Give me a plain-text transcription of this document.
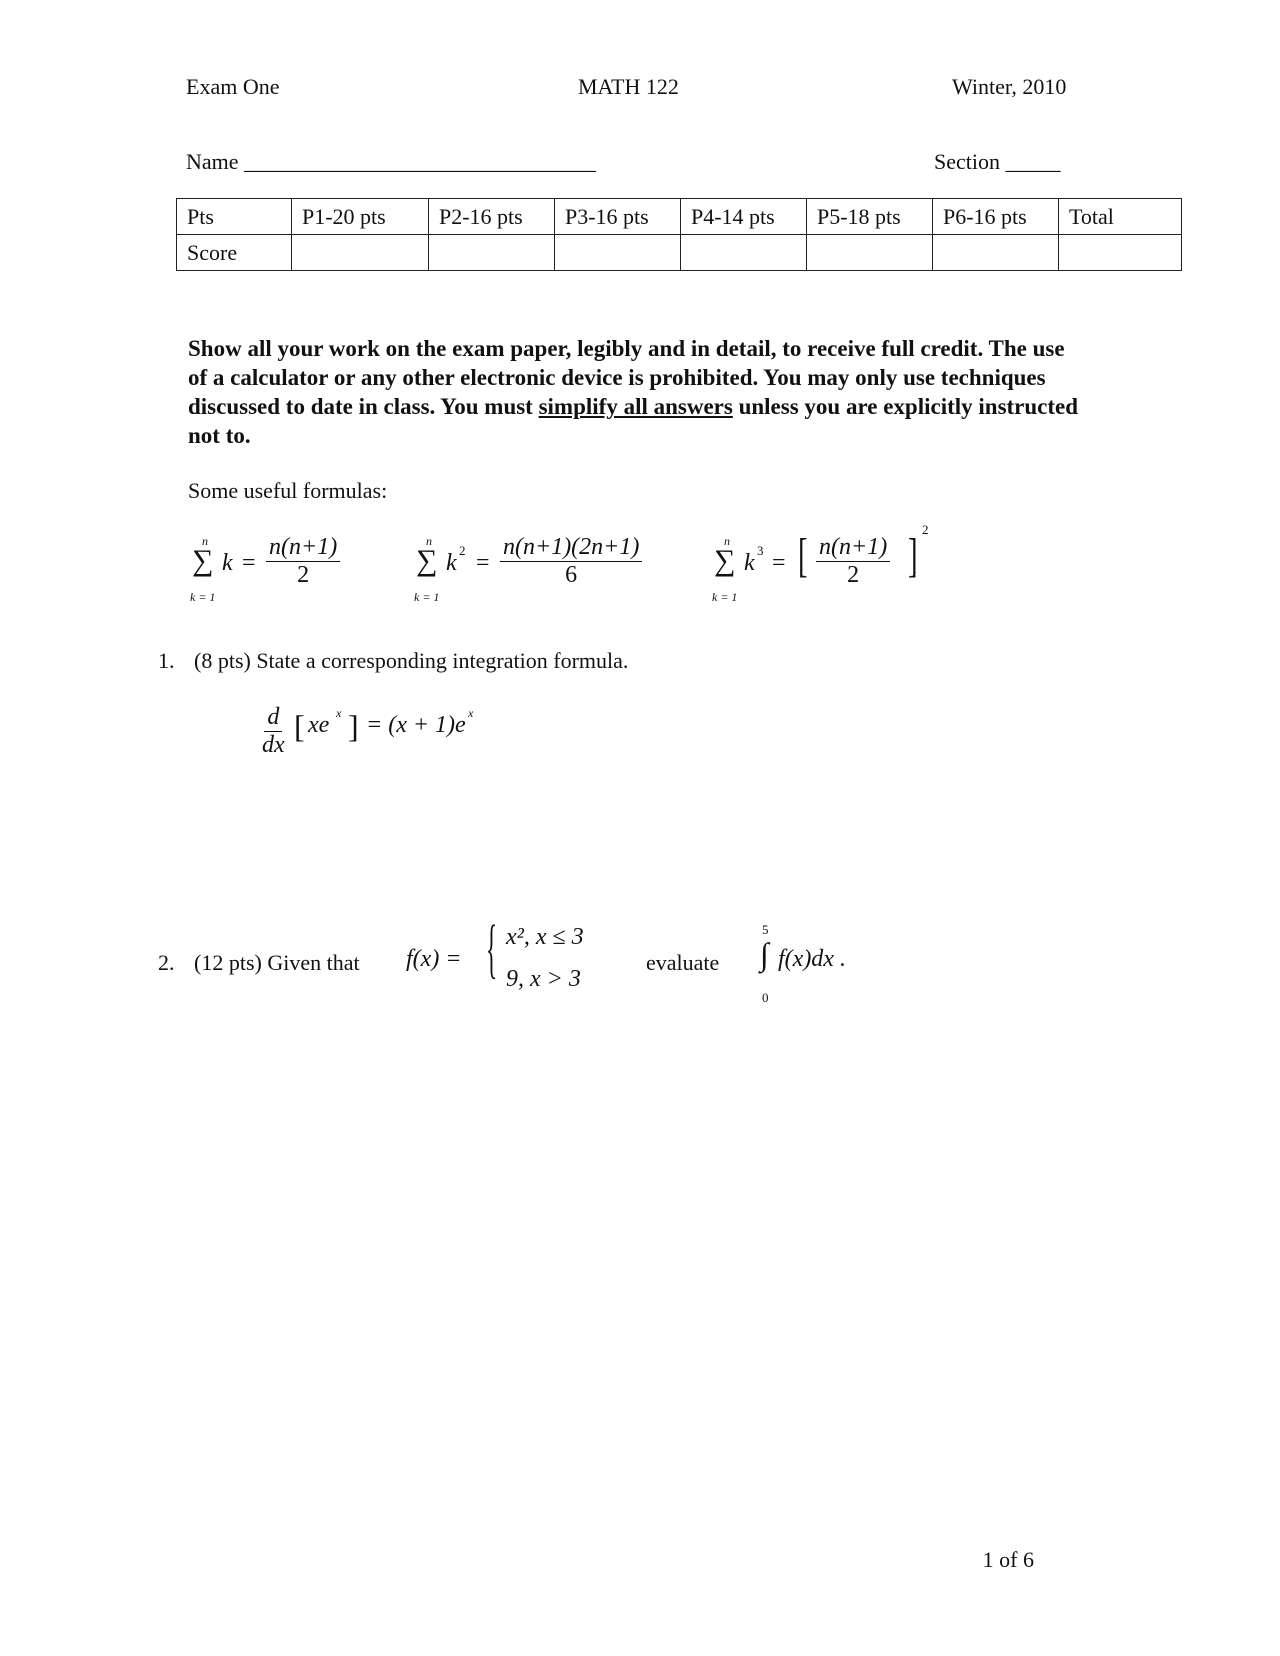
Exam One	MATH 122	Winter, 2010
Name ________________________________	Section _____
Pts	P1-20 pts	P2-16 pts	P3-16 pts	P4-14 pts	P5-18 pts	P6-16 pts	Total
Score							
Show all your work on the exam paper, legibly and in detail, to receive full credit. The use of a calculator or any other electronic device is prohibited. You may only use techniques discussed to date in class. You must simplify all answers unless you are explicitly instructed not to.
Some useful formulas:
n
∑
k = 1
$k = \frac{n(n+1)}{2}$	n
∑
k = 1
k $2 = \frac{n(n+1)(2n+1)}{6}$	n
∑
k = 1
k 3 = [ $\frac{n(n+1)}{2}$ ] 2
1. (8 pts) State a corresponding integration formula.
$\frac{d}{dx}$ [ xe x ] = (x + 1)e x
2. (12 pts) Given that f(x) = { x², x ≤ 3
9, x > 3
evaluate
5
∫
0
f(x)dx .
1 of 6
